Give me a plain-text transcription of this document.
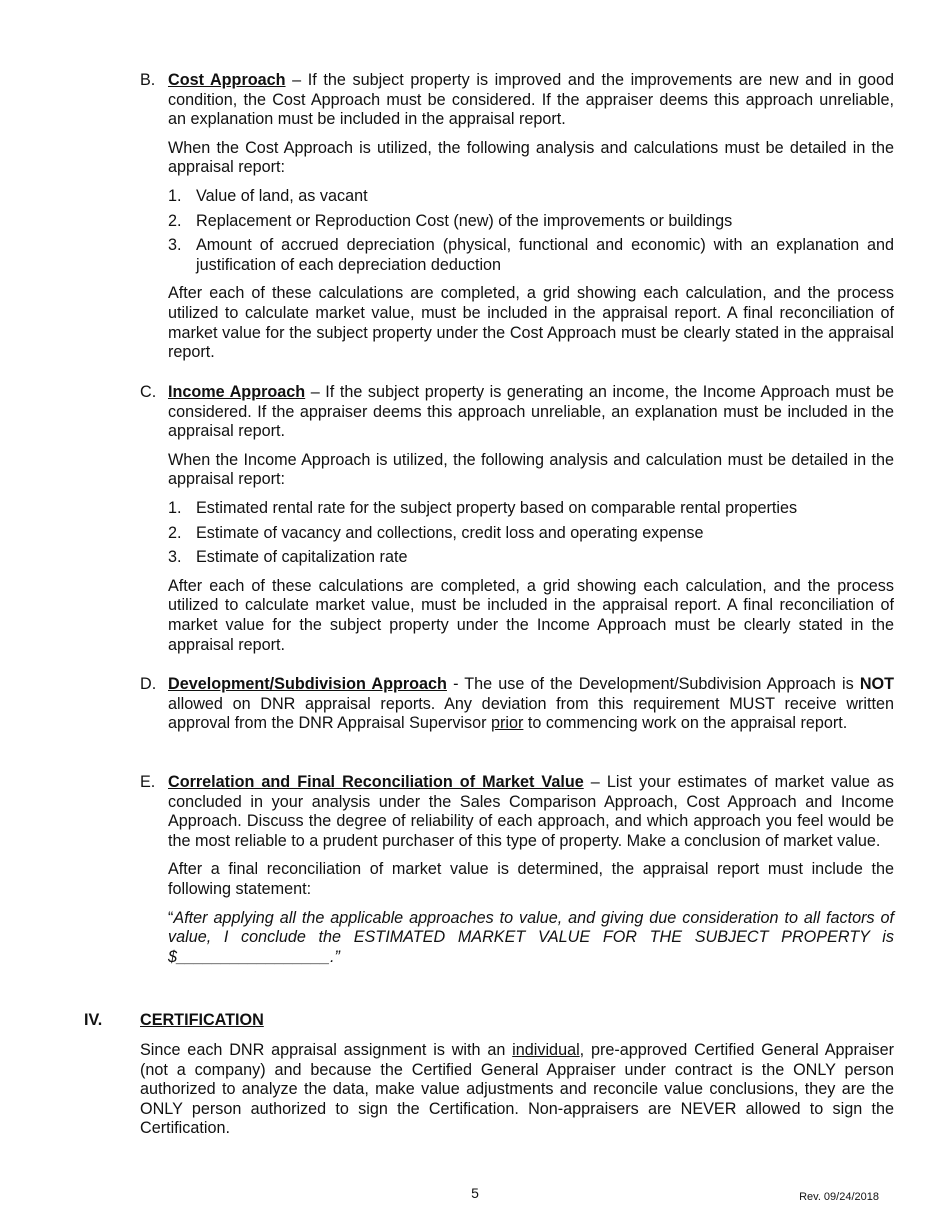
B. Cost Approach – If the subject property is improved and the improvements are new and in good condition, the Cost Approach must be considered. If the appraiser deems this approach unreliable, an explanation must be included in the appraisal report.

When the Cost Approach is utilized, the following analysis and calculations must be detailed in the appraisal report:

1. Value of land, as vacant
2. Replacement or Reproduction Cost (new) of the improvements or buildings
3. Amount of accrued depreciation (physical, functional and economic) with an explanation and justification of each depreciation deduction

After each of these calculations are completed, a grid showing each calculation, and the process utilized to calculate market value, must be included in the appraisal report. A final reconciliation of market value for the subject property under the Cost Approach must be clearly stated in the appraisal report.

C. Income Approach – If the subject property is generating an income, the Income Approach must be considered. If the appraiser deems this approach unreliable, an explanation must be included in the appraisal report.

When the Income Approach is utilized, the following analysis and calculation must be detailed in the appraisal report:

1. Estimated rental rate for the subject property based on comparable rental properties
2. Estimate of vacancy and collections, credit loss and operating expense
3. Estimate of capitalization rate

After each of these calculations are completed, a grid showing each calculation, and the process utilized to calculate market value, must be included in the appraisal report. A final reconciliation of market value for the subject property under the Income Approach must be clearly stated in the appraisal report.

D. Development/Subdivision Approach - The use of the Development/Subdivision Approach is NOT allowed on DNR appraisal reports. Any deviation from this requirement MUST receive written approval from the DNR Appraisal Supervisor prior to commencing work on the appraisal report.

E. Correlation and Final Reconciliation of Market Value – List your estimates of market value as concluded in your analysis under the Sales Comparison Approach, Cost Approach and Income Approach. Discuss the degree of reliability of each approach, and which approach you feel would be the most reliable to a prudent purchaser of this type of property. Make a conclusion of market value.

After a final reconciliation of market value is determined, the appraisal report must include the following statement:

“After applying all the applicable approaches to value, and giving due consideration to all factors of value, I conclude the ESTIMATED MARKET VALUE FOR THE SUBJECT PROPERTY is $_________________.”

IV. CERTIFICATION

Since each DNR appraisal assignment is with an individual, pre-approved Certified General Appraiser (not a company) and because the Certified General Appraiser under contract is the ONLY person authorized to analyze the data, make value adjustments and reconcile value conclusions, they are the ONLY person authorized to sign the Certification. Non-appraisers are NEVER allowed to sign the Certification.

5	Rev. 09/24/2018
